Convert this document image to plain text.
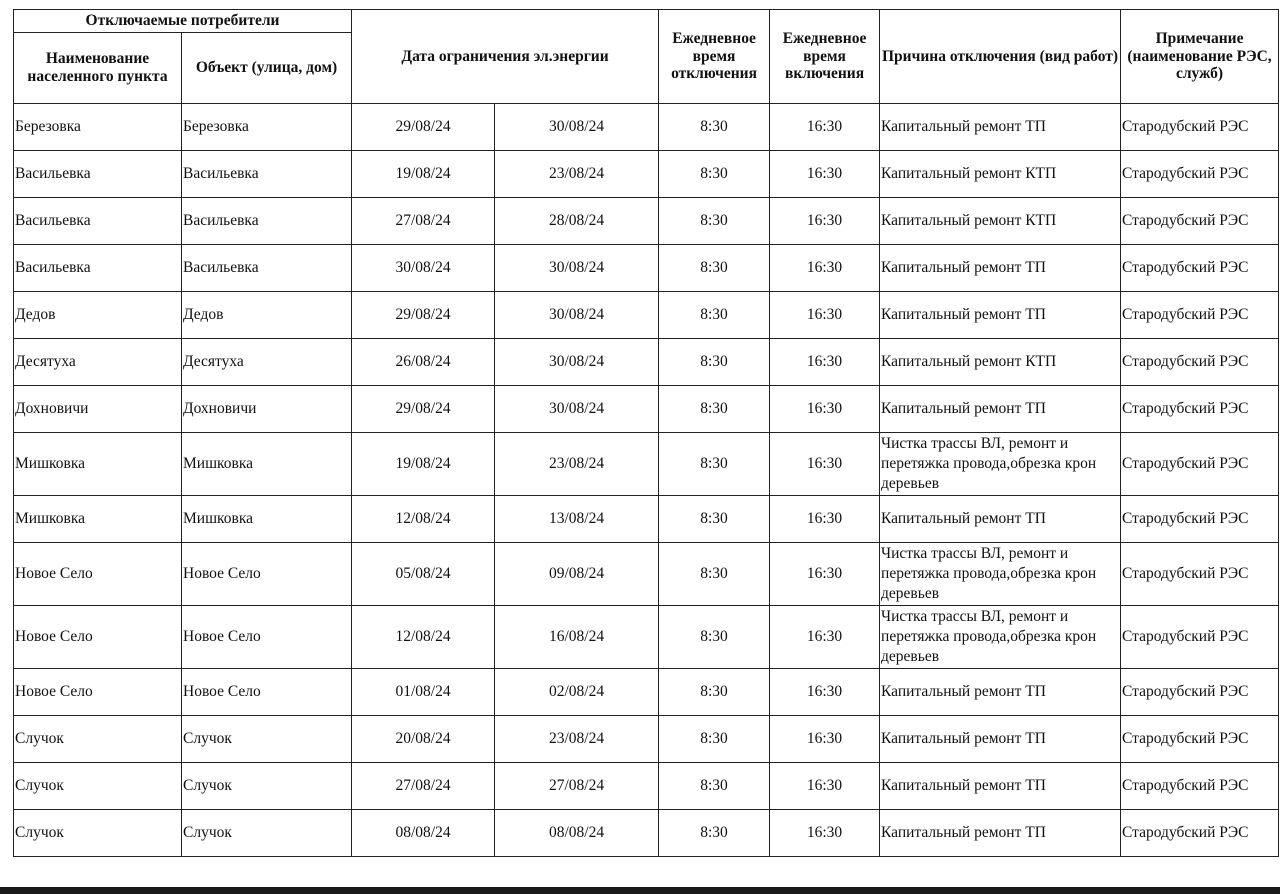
Отключаемые потребители		Дата ограничения эл.энергии		Ежедневное время отключения	Ежедневное время включения	Причина отключения (вид работ)	Примечание (наименование РЭС, служб)
Наименование населенного пункта	Объект (улица, дом)						
Березовка	Березовка	29/08/24	30/08/24	8:30	16:30	Капитальный ремонт ТП	Стародубский РЭС
Васильевка	Васильевка	19/08/24	23/08/24	8:30	16:30	Капитальный ремонт КТП	Стародубский РЭС
Васильевка	Васильевка	27/08/24	28/08/24	8:30	16:30	Капитальный ремонт КТП	Стародубский РЭС
Васильевка	Васильевка	30/08/24	30/08/24	8:30	16:30	Капитальный ремонт ТП	Стародубский РЭС
Дедов	Дедов	29/08/24	30/08/24	8:30	16:30	Капитальный ремонт ТП	Стародубский РЭС
Десятуха	Десятуха	26/08/24	30/08/24	8:30	16:30	Капитальный ремонт КТП	Стародубский РЭС
Дохновичи	Дохновичи	29/08/24	30/08/24	8:30	16:30	Капитальный ремонт ТП	Стародубский РЭС
Мишковка	Мишковка	19/08/24	23/08/24	8:30	16:30	Чистка трассы ВЛ, ремонт и перетяжка провода,обрезка крон деревьев	Стародубский РЭС
Мишковка	Мишковка	12/08/24	13/08/24	8:30	16:30	Капитальный ремонт ТП	Стародубский РЭС
Новое Село	Новое Село	05/08/24	09/08/24	8:30	16:30	Чистка трассы ВЛ, ремонт и перетяжка провода,обрезка крон деревьев	Стародубский РЭС
Новое Село	Новое Село	12/08/24	16/08/24	8:30	16:30	Чистка трассы ВЛ, ремонт и перетяжка провода,обрезка крон деревьев	Стародубский РЭС
Новое Село	Новое Село	01/08/24	02/08/24	8:30	16:30	Капитальный ремонт ТП	Стародубский РЭС
Случок	Случок	20/08/24	23/08/24	8:30	16:30	Капитальный ремонт ТП	Стародубский РЭС
Случок	Случок	27/08/24	27/08/24	8:30	16:30	Капитальный ремонт ТП	Стародубский РЭС
Случок	Случок	08/08/24	08/08/24	8:30	16:30	Капитальный ремонт ТП	Стародубский РЭС
